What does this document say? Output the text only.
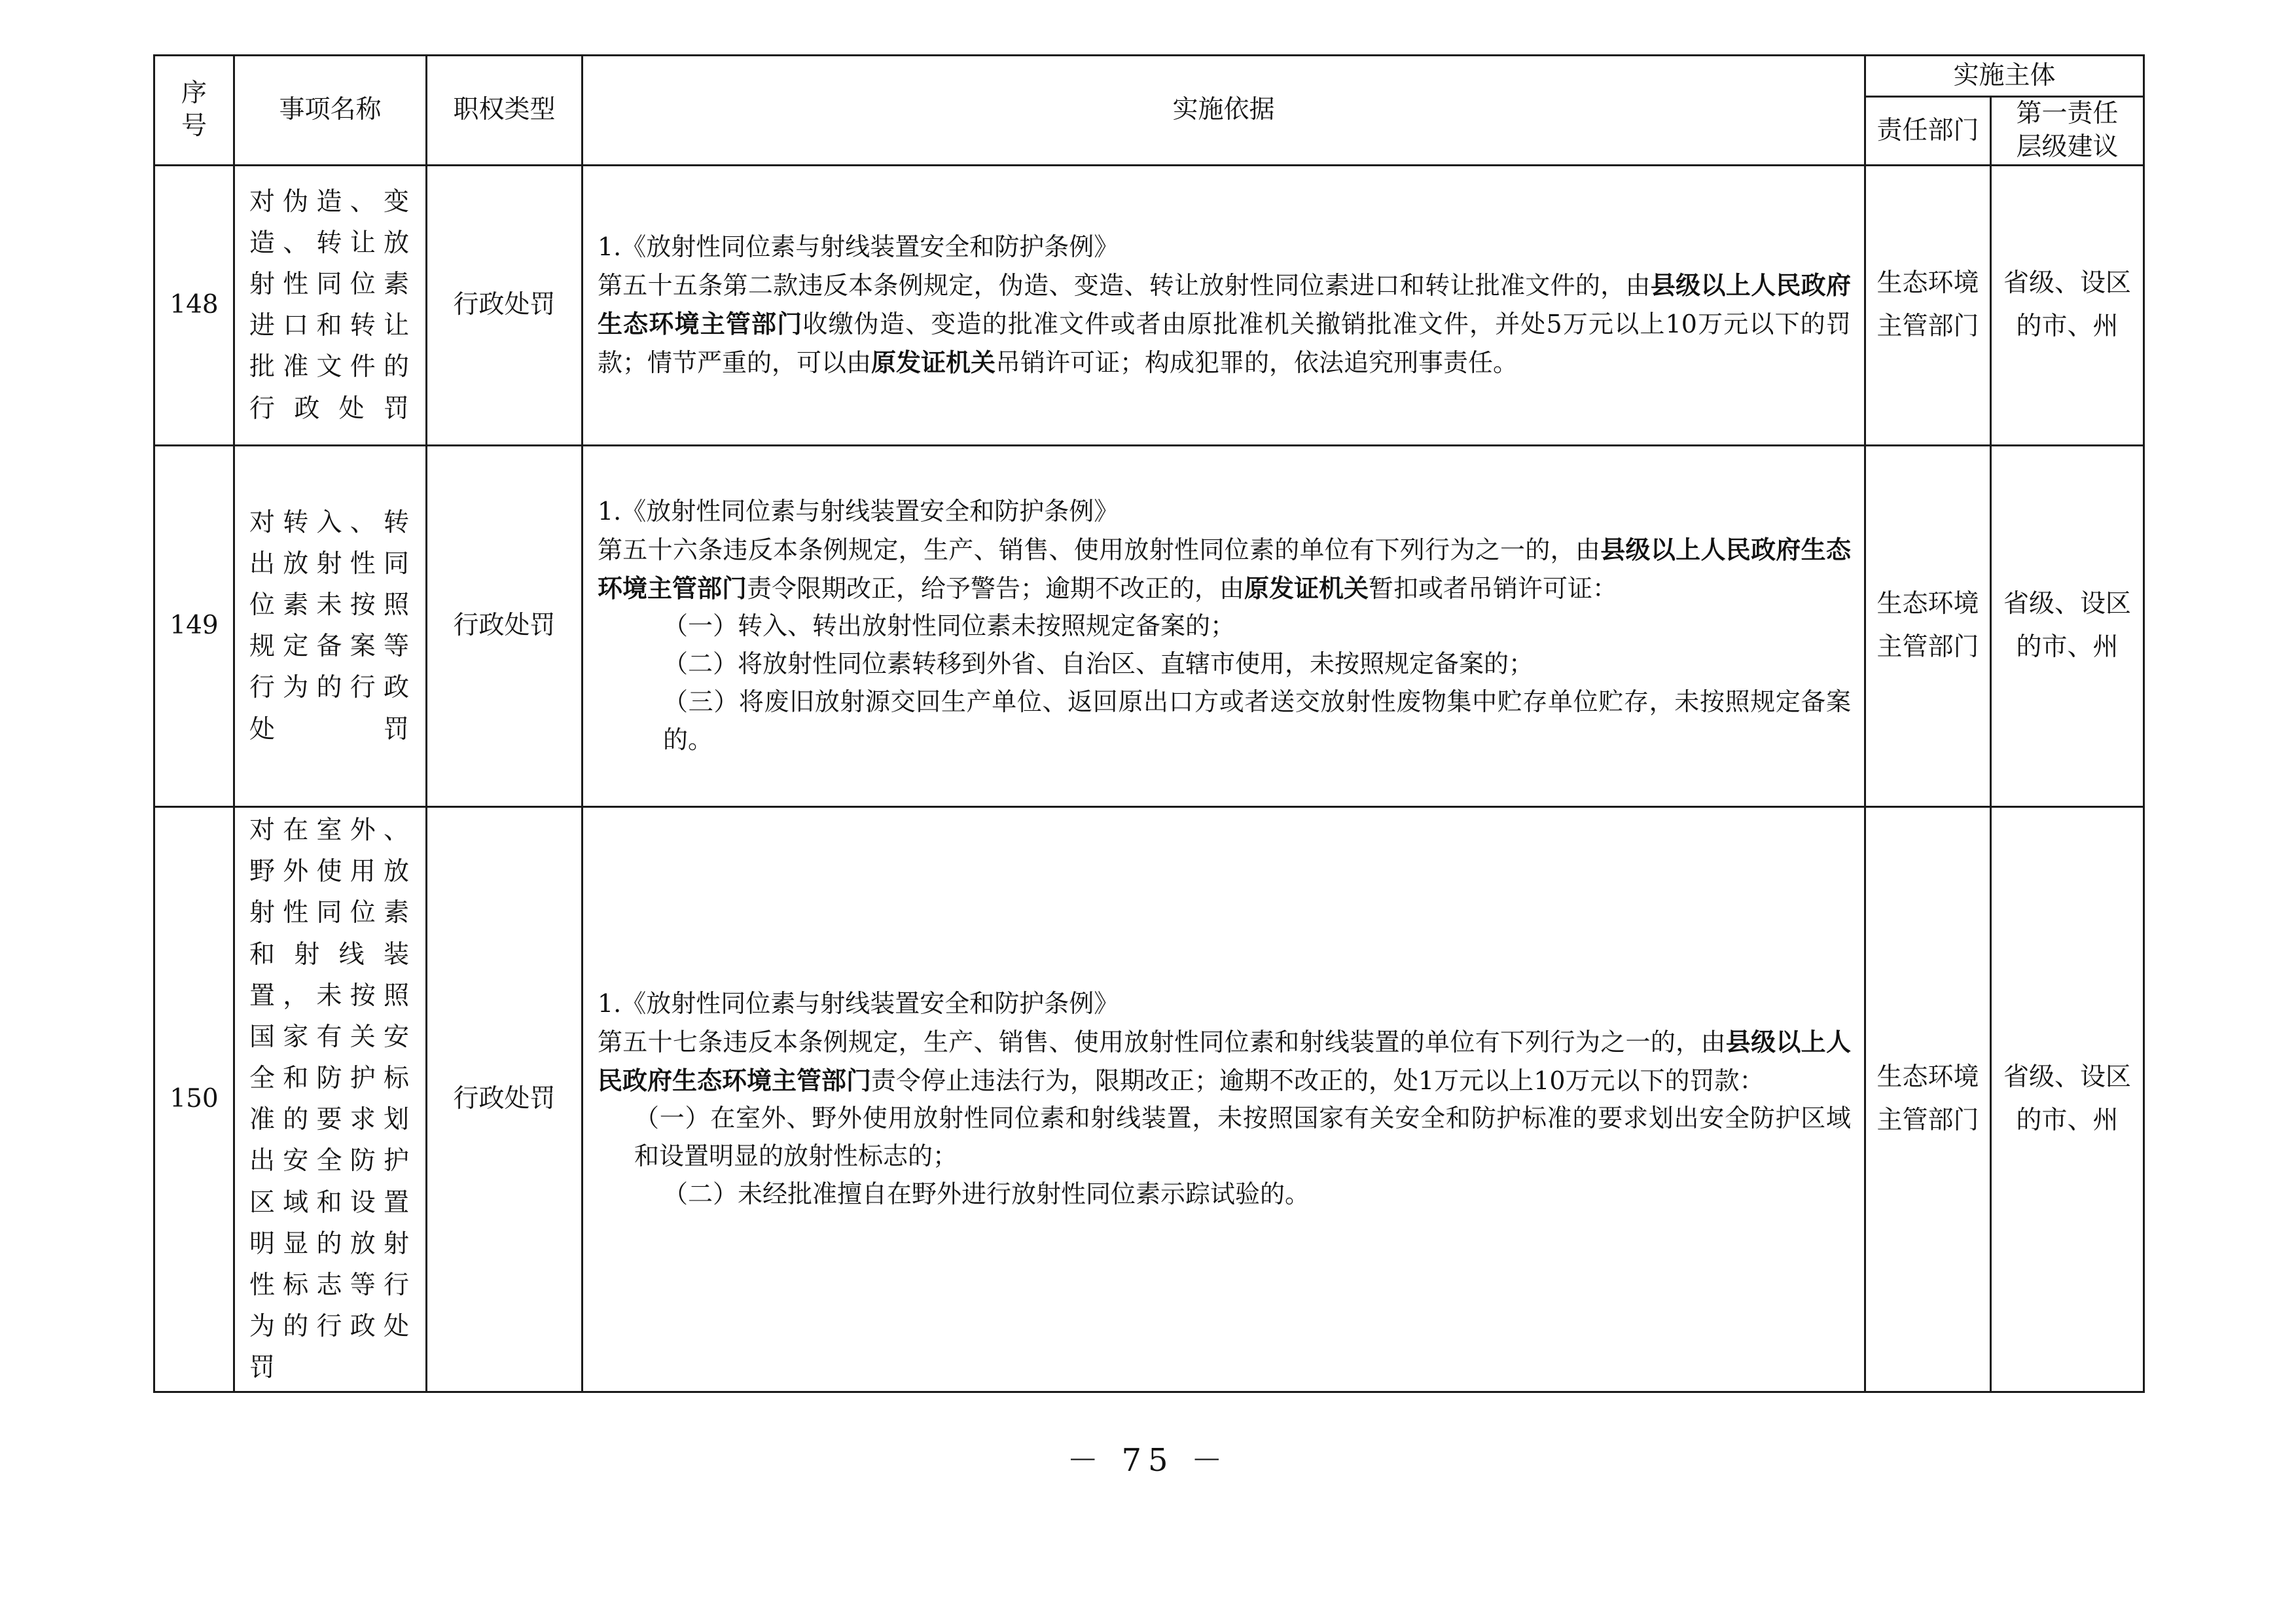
序
号	事项名称	职权类型	实施依据	实施主体	
				责任部门	第一责任
层级建议

148	对伪造、变造、转让放射性同位素进口和转让批准文件的行政处罚	行政处罚	1.《放射性同位素与射线装置安全和防护条例》
第五十五条第二款违反本条例规定，伪造、变造、转让放射性同位素进口和转让批准文件的，由县级以上人民政府生态环境主管部门收缴伪造、变造的批准文件或者由原批准机关撤销批准文件，并处5万元以上10万元以下的罚款；情节严重的，可以由原发证机关吊销许可证；构成犯罪的，依法追究刑事责任。	生态环境
主管部门	省级、设区
的市、州

149	对转入、转出放射性同位素未按照规定备案等行为的行政处罚	行政处罚	1.《放射性同位素与射线装置安全和防护条例》
第五十六条违反本条例规定，生产、销售、使用放射性同位素的单位有下列行为之一的，由县级以上人民政府生态环境主管部门责令限期改正，给予警告；逾期不改正的，由原发证机关暂扣或者吊销许可证：
（一）转入、转出放射性同位素未按照规定备案的；
（二）将放射性同位素转移到外省、自治区、直辖市使用，未按照规定备案的；
（三）将废旧放射源交回生产单位、返回原出口方或者送交放射性废物集中贮存单位贮存，未按照规定备案的。	生态环境
主管部门	省级、设区
的市、州

150	对在室外、野外使用放射性同位素和射线装置，未按照国家有关安全和防护标准的要求划出安全防护区域和设置明显的放射性标志等行为的行政处罚	行政处罚	1.《放射性同位素与射线装置安全和防护条例》
第五十七条违反本条例规定，生产、销售、使用放射性同位素和射线装置的单位有下列行为之一的，由县级以上人民政府生态环境主管部门责令停止违法行为，限期改正；逾期不改正的，处1万元以上10万元以下的罚款：
（一）在室外、野外使用放射性同位素和射线装置，未按照国家有关安全和防护标准的要求划出安全防护区域和设置明显的放射性标志的；
（二）未经批准擅自在野外进行放射性同位素示踪试验的。	生态环境
主管部门	省级、设区
的市、州
－ 75 －
